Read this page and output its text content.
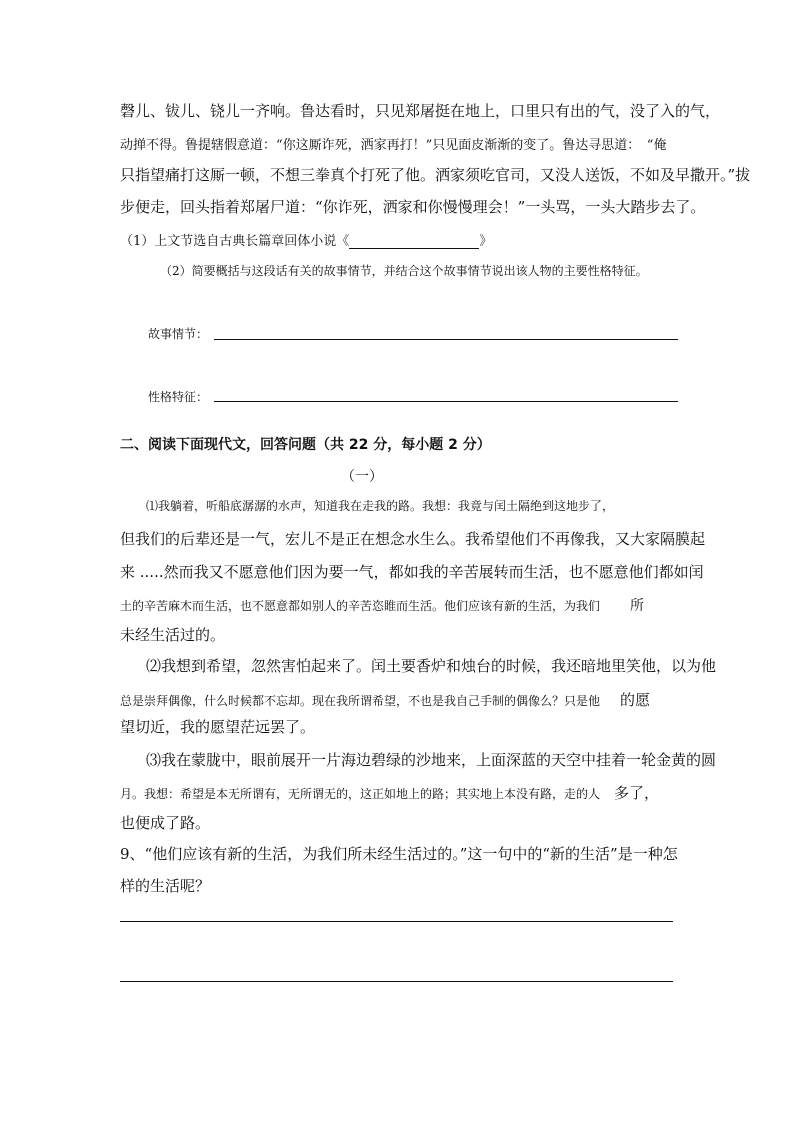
磬儿、钹儿、铙儿一齐响。鲁达看时，只见郑屠挺在地上，口里只有出的气，没了入的气，
动掸不得。鲁提辖假意道：“你这厮诈死，洒家再打！”只见面皮渐渐的变了。鲁达寻思道：　“俺
只指望痛打这厮一顿，不想三拳真个打死了他。洒家须吃官司，又没人送饭，不如及早撒开。”拔
步便走，回头指着郑屠尸道：“你诈死，洒家和你慢慢理会！”一头骂，一头大踏步去了。
（1）上文节选自古典长篇章回体小说《	》
（2）简要概括与这段话有关的故事情节，并结合这个故事情节说出该人物的主要性格特征。
故事情节：
性格特征：
二、阅读下面现代文，回答问题（共 22 分，每小题 2 分）
（一）
⑴我躺着，听船底潺潺的水声，知道我在走我的路。我想：我竟与闰土隔绝到这地步了，
但我们的后辈还是一气，宏儿不是正在想念水生么。我希望他们不再像我，又大家隔膜起
来 .....然而我又不愿意他们因为要一气，都如我的辛苦展转而生活，也不愿意他们都如闰
土的辛苦麻木而生活，也不愿意都如别人的辛苦恣睢而生活。他们应该有新的生活，为我们 所
未经生活过的。
⑵我想到希望，忽然害怕起来了。闰土要香炉和烛台的时候，我还暗地里笑他，以为他
总是崇拜偶像，什么时候都不忘却。现在我所谓希望，不也是我自己手制的偶像么？只是他 的愿
望切近，我的愿望茫远罢了。
⑶我在蒙胧中，眼前展开一片海边碧绿的沙地来，上面深蓝的天空中挂着一轮金黄的圆
月。我想：希望是本无所谓有，无所谓无的，这正如地上的路；其实地上本没有路，走的人 多了，
也便成了路。
9、“他们应该有新的生活，为我们所未经生活过的。”这一句中的“新的生活”是一种怎
样的生活呢？
